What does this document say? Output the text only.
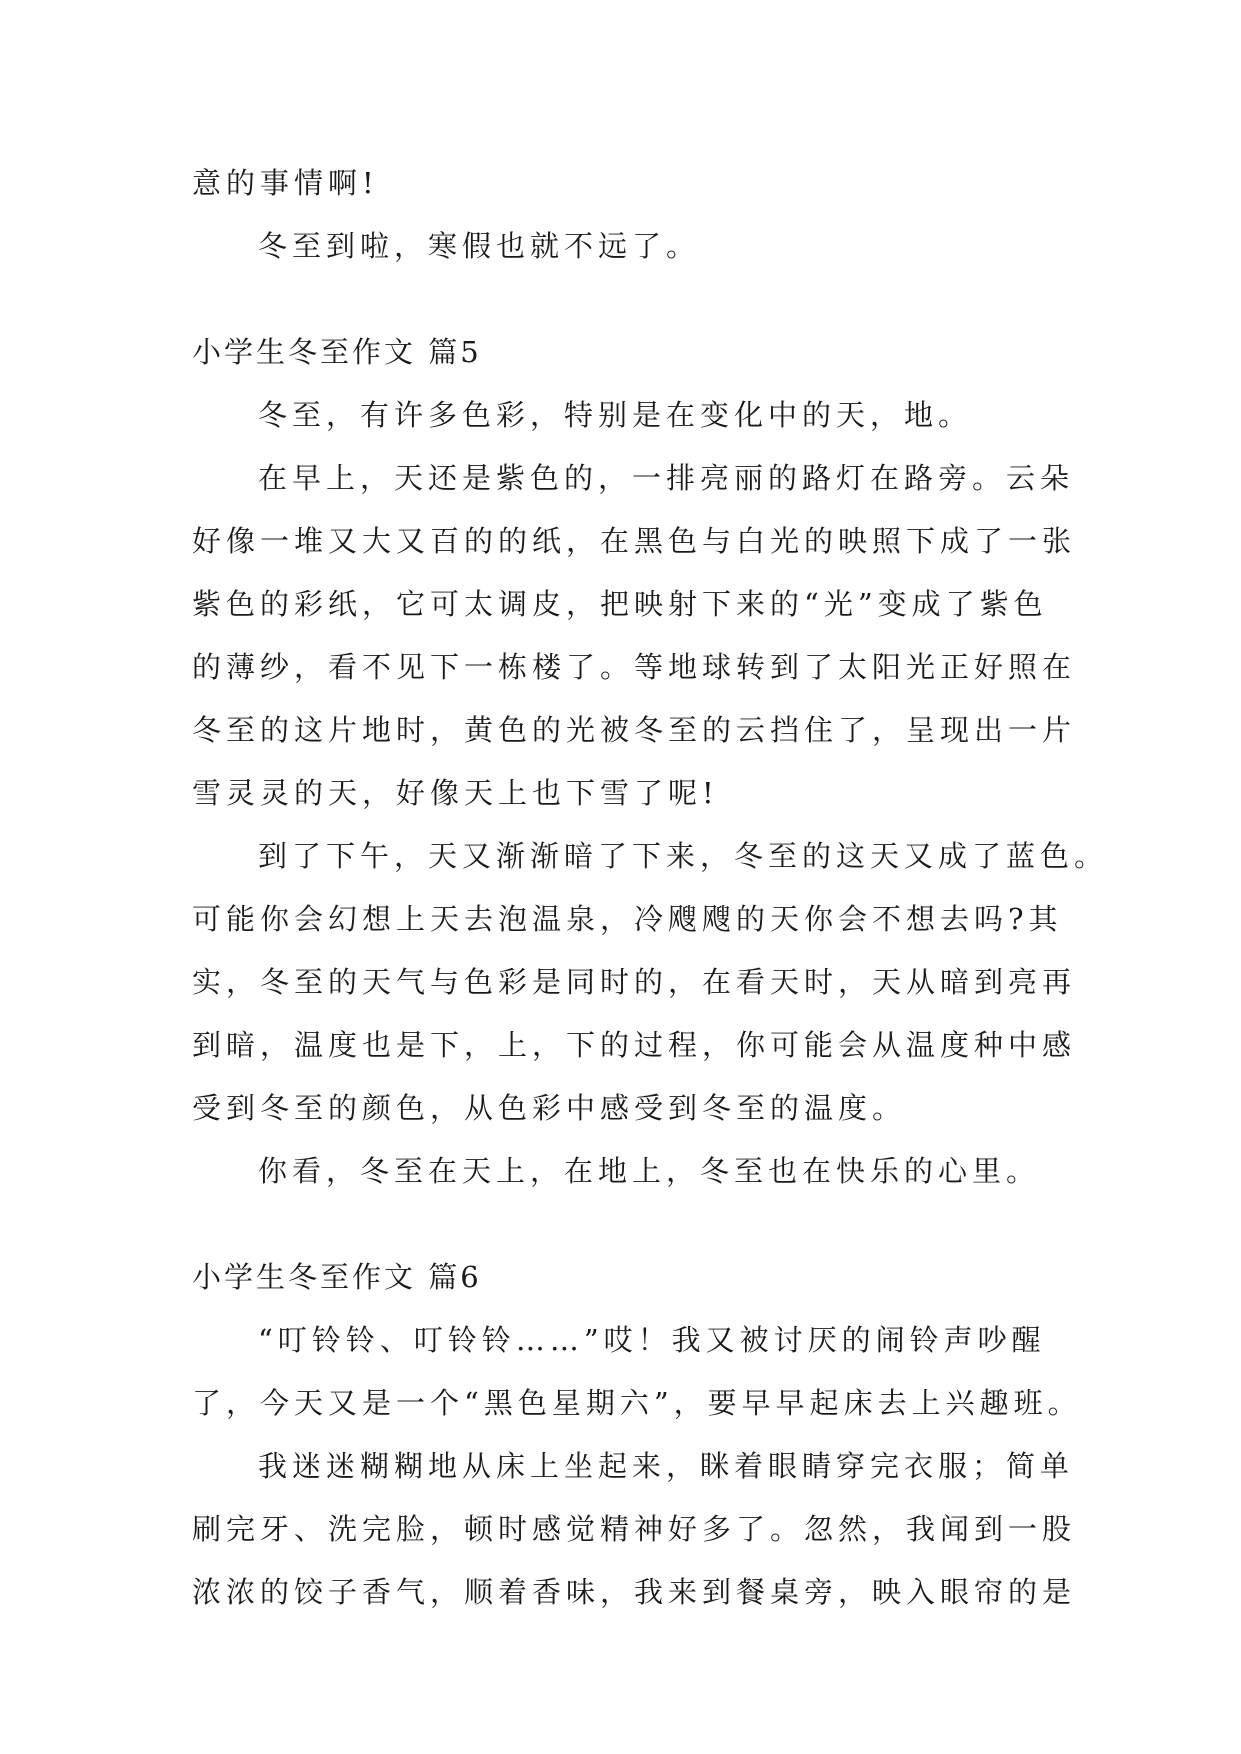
意的事情啊!
冬至到啦，寒假也就不远了。
小学生冬至作文 篇5
冬至，有许多色彩，特别是在变化中的天，地。
在早上，天还是紫色的，一排亮丽的路灯在路旁。云朵
好像一堆又大又百的的纸，在黑色与白光的映照下成了一张
紫色的彩纸，它可太调皮，把映射下来的“光”变成了紫色
的薄纱，看不见下一栋楼了。等地球转到了太阳光正好照在
冬至的这片地时，黄色的光被冬至的云挡住了，呈现出一片
雪灵灵的天，好像天上也下雪了呢!
到了下午，天又渐渐暗了下来，冬至的这天又成了蓝色。
可能你会幻想上天去泡温泉，冷飕飕的天你会不想去吗?其
实，冬至的天气与色彩是同时的，在看天时，天从暗到亮再
到暗，温度也是下，上，下的过程，你可能会从温度种中感
受到冬至的颜色，从色彩中感受到冬至的温度。
你看，冬至在天上，在地上，冬至也在快乐的心里。
小学生冬至作文 篇6
“叮铃铃、叮铃铃……”哎！我又被讨厌的闹铃声吵醒
了，今天又是一个“黑色星期六”，要早早起床去上兴趣班。
我迷迷糊糊地从床上坐起来，眯着眼睛穿完衣服；简单
刷完牙、洗完脸，顿时感觉精神好多了。忽然，我闻到一股
浓浓的饺子香气，顺着香味，我来到餐桌旁，映入眼帘的是
